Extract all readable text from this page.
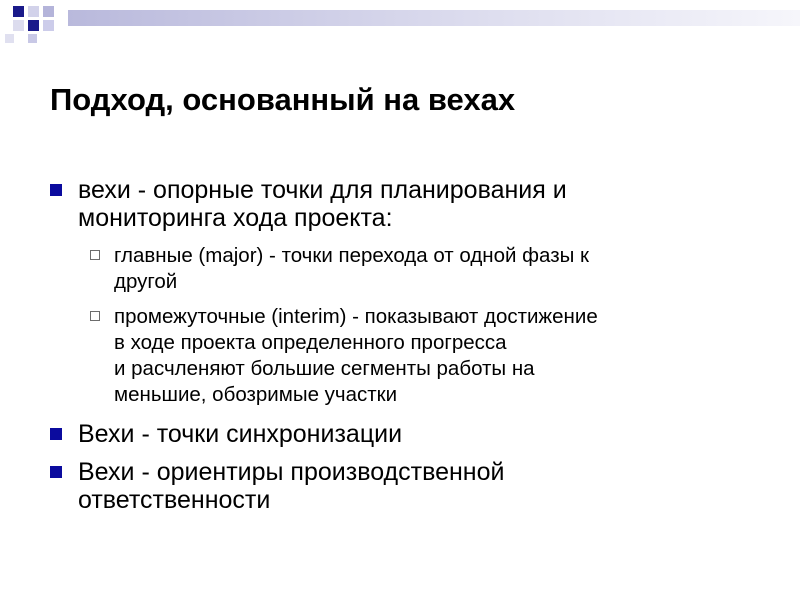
Подход, основанный на вехах
вехи - опорные точки для планирования и
мониторинга хода проекта:
главные (major) - точки перехода от одной фазы к
другой
промежуточные (interim) - показывают достижение
в ходе проекта определенного прогресса
и расчленяют большие сегменты работы на
меньшие, обозримые участки
Вехи - точки синхронизации
Вехи - ориентиры производственной
ответственности
